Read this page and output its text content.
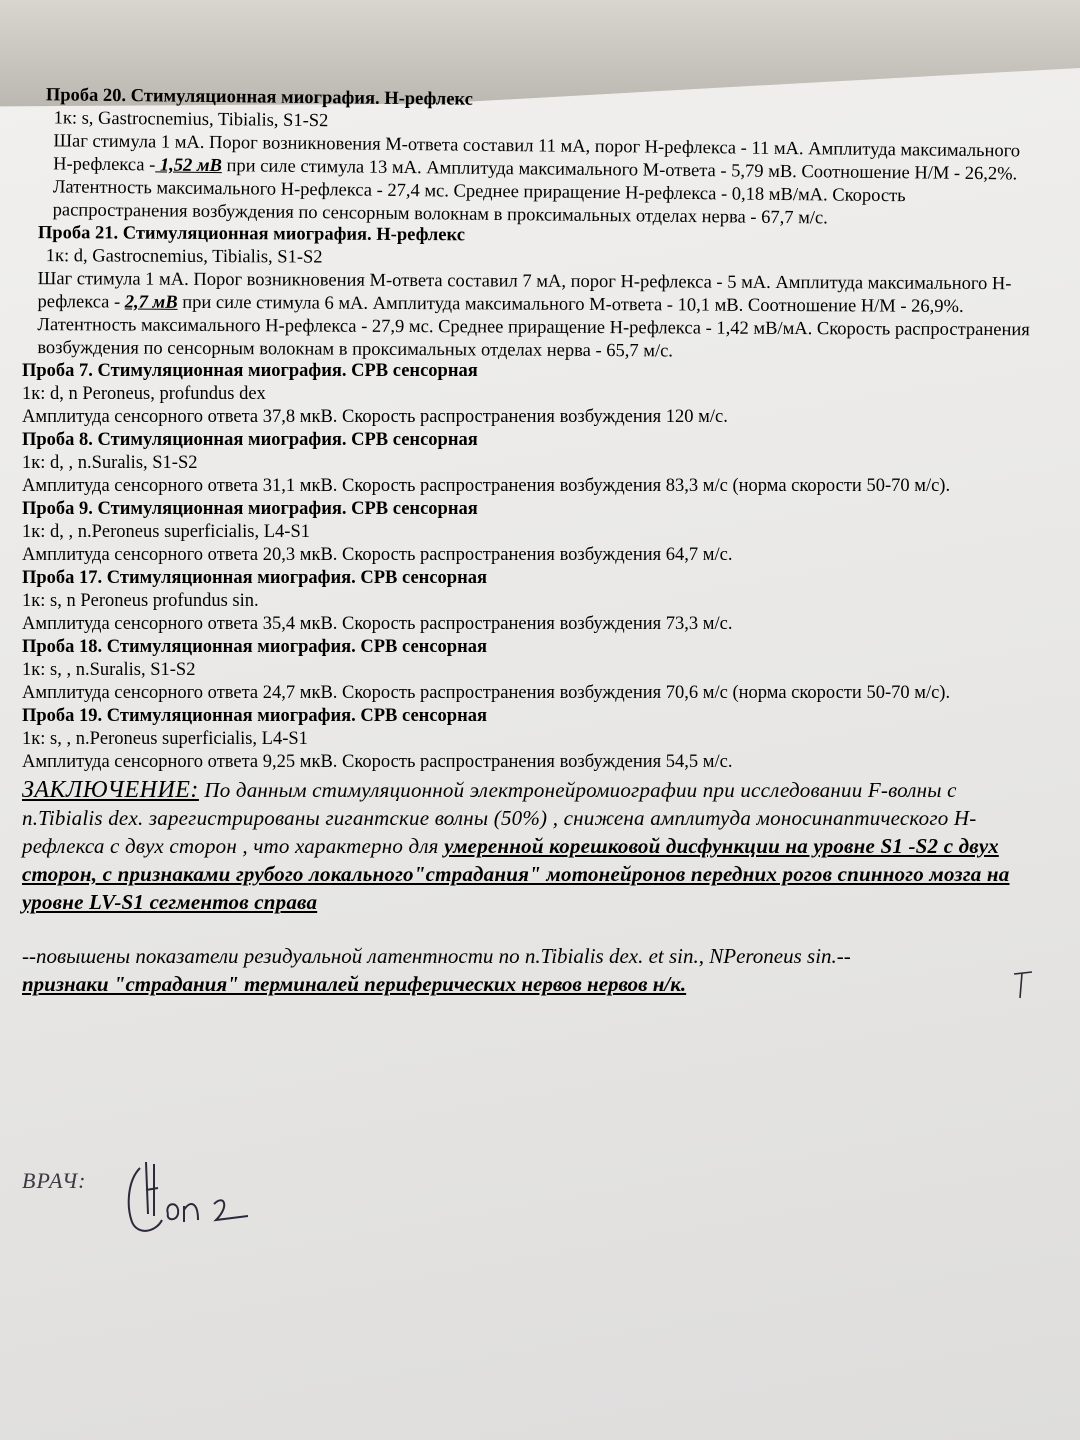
Проба 20. Стимуляционная миография. Н-рефлекс

1к: s, Gastrocnemius, Tibialis, S1-S2

Шаг стимула 1 мА. Порог возникновения М-ответа составил 11 мА, порог Н-рефлекса - 11 мА. Амплитуда максимального Н-рефлекса - 1,52 мВ при силе стимула 13 мА. Амплитуда максимального М-ответа - 5,79 мВ. Соотношение Н/М - 26,2%. Латентность максимального Н-рефлекса - 27,4 мс. Среднее приращение Н-рефлекса - 0,18 мВ/мА. Скорость распространения возбуждения по сенсорным волокнам в проксимальных отделах нерва - 67,7 м/с.

Проба 21. Стимуляционная миография. Н-рефлекс

1к: d, Gastrocnemius, Tibialis, S1-S2

Шаг стимула 1 мА. Порог возникновения М-ответа составил 7 мА, порог Н-рефлекса - 5 мА. Амплитуда максимального Н-рефлекса - 2,7 мВ при силе стимула 6 мА. Амплитуда максимального М-ответа - 10,1 мВ. Соотношение Н/М - 26,9%. Латентность максимального Н-рефлекса - 27,9 мс. Среднее приращение Н-рефлекса - 1,42 мВ/мА. Скорость распространения возбуждения по сенсорным волокнам в проксимальных отделах нерва - 65,7 м/с.

Проба 7. Стимуляционная миография. СРВ сенсорная

1к: d, n Peroneus, profundus dex

Амплитуда сенсорного ответа 37,8 мкВ. Скорость распространения возбуждения 120 м/с.

Проба 8. Стимуляционная миография. СРВ сенсорная

1к: d, , n.Suralis, S1-S2

Амплитуда сенсорного ответа 31,1 мкВ. Скорость распространения возбуждения 83,3 м/с (норма скорости 50-70 м/с).

Проба 9. Стимуляционная миография. СРВ сенсорная

1к: d, , n.Peroneus superficialis, L4-S1

Амплитуда сенсорного ответа 20,3 мкВ. Скорость распространения возбуждения 64,7 м/с.

Проба 17. Стимуляционная миография. СРВ сенсорная

1к: s, n Peroneus profundus sin.

Амплитуда сенсорного ответа 35,4 мкВ. Скорость распространения возбуждения 73,3 м/с.

Проба 18. Стимуляционная миография. СРВ сенсорная

1к: s, , n.Suralis, S1-S2

Амплитуда сенсорного ответа 24,7 мкВ. Скорость распространения возбуждения 70,6 м/с (норма скорости 50-70 м/с).

Проба 19. Стимуляционная миография. СРВ сенсорная

1к: s, , n.Peroneus superficialis, L4-S1

Амплитуда сенсорного ответа 9,25 мкВ. Скорость распространения возбуждения 54,5 м/с.

ЗАКЛЮЧЕНИЕ: По данным стимуляционной электронейромиографии при исследовании F-волны с n.Tibialis dex. зарегистрированы гигантские волны (50%) , снижена амплитуда моносинаптического Н-рефлекса с двух сторон , что характерно для умеренной корешковой дисфункции на уровне S1 -S2 с двух сторон, с признаками грубого локального"страдания" мотонейронов передних рогов спинного мозга на уровне LV-S1 сегментов справа

--повышены показатели резидуальной латентности по n.Tibialis dex. et sin., NPeroneus sin.--
признаки "страдания" терминалей периферических нервов нервов н/к.

ВРАЧ:
